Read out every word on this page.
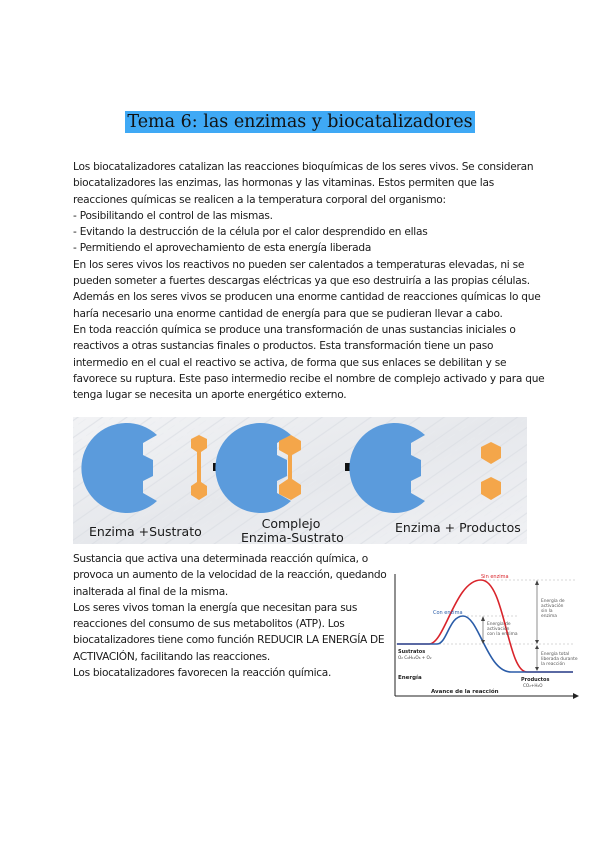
Tema 6: las enzimas y biocatalizadores

Los biocatalizadores catalizan las reacciones bioquímicas de los seres vivos. Se consideran

biocatalizadores las enzimas, las hormonas y las vitaminas. Estos permiten que las

reacciones químicas se realicen a la temperatura corporal del organismo:

- Posibilitando el control de las mismas.

- Evitando la destrucción de la célula por el calor desprendido en ellas

- Permitiendo el aprovechamiento de esta energía liberada

En los seres vivos los reactivos no pueden ser calentados a temperaturas elevadas, ni se

pueden someter a fuertes descargas eléctricas ya que eso destruiría a las propias células.

Además en los seres vivos se producen una enorme cantidad de reacciones químicas lo que

haría necesario una enorme cantidad de energía para que se pudieran llevar a cabo.

En toda reacción química se produce una transformación de unas sustancias iniciales o

reactivos a otras sustancias finales o productos. Esta transformación tiene un paso

intermedio en el cual el reactivo se activa, de forma que sus enlaces se debilitan y se

favorece su ruptura. Este paso intermedio recibe el nombre de complejo activado y para que

tenga lugar se necesita un aporte energético externo.

Enzima +Sustrato
Complejo
Enzima-Sustrato
Enzima + Productos

Sustancia que activa una determinada reacción química, o

provoca un aumento de la velocidad de la reacción, quedando

inalterada al final de la misma.

Los seres vivos toman la energía que necesitan para sus

reacciones del consumo de sus metabolitos (ATP). Los

biocatalizadores tiene como función REDUCIR LA ENERGÍA DE

ACTIVACIÓN, facilitando las reacciones.

Los biocatalizadores favorecen la reacción química.

Sin enzima
Con enzima
Energía de
activación
sin la
enzima
Energía de
activación
con la enzima
Energía total
liberada durante
la reacción
Sustratos
O₂ C₆H₁₂O₆ + O₂
Energía	Productos
CO₂+H₂O
Avance de la reacción
